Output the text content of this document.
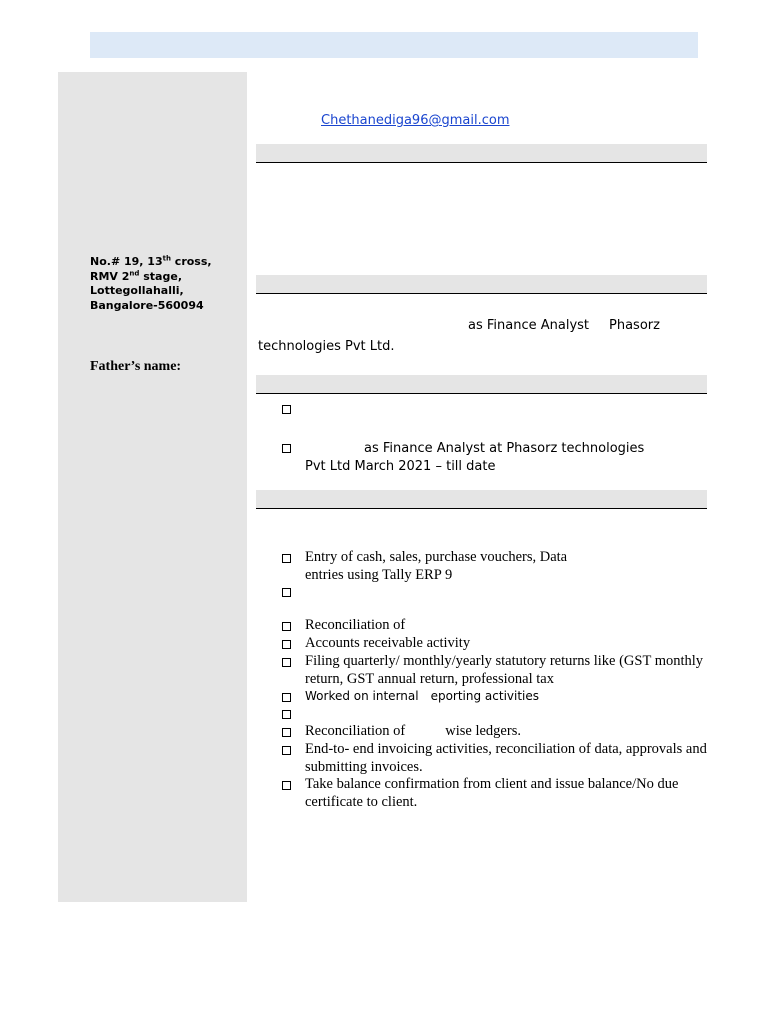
No.# 19, 13th cross,
RMV 2nd stage,
Lottegollahalli,
Bangalore-560094
Father’s name:
Chethanediga96@gmail.com
as Finance Analyst Phasorz
technologies Pvt Ltd.
as Finance Analyst at Phasorz technologies
Pvt Ltd March 2021 – till date
Entry of cash, sales, purchase vouchers, Data
entries using Tally ERP 9
Reconciliation of
Accounts receivable activity
Filing quarterly/ monthly/yearly statutory returns like (GST monthly
return, GST annual return, professional tax
Worked on internal eporting activities
Reconciliation of	wise ledgers.
End-to- end invoicing activities, reconciliation of data, approvals and
submitting invoices.
Take balance confirmation from client and issue balance/No due
certificate to client.
